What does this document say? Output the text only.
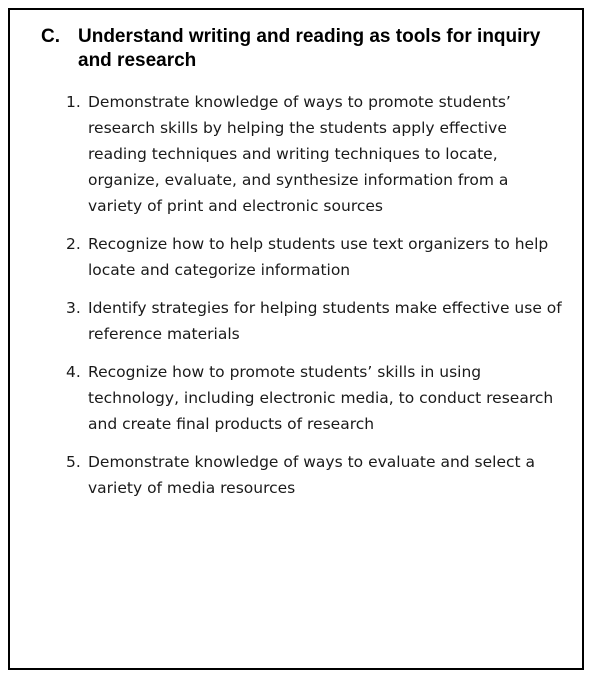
C. Understand writing and reading as tools for inquiry and research
1. Demonstrate knowledge of ways to promote students’ research skills by helping the students apply effective reading techniques and writing techniques to locate, organize, evaluate, and synthesize information from a variety of print and electronic sources
2. Recognize how to help students use text organizers to help locate and categorize information
3. Identify strategies for helping students make effective use of reference materials
4. Recognize how to promote students’ skills in using technology, including electronic media, to conduct research and create final products of research
5. Demonstrate knowledge of ways to evaluate and select a variety of media resources
